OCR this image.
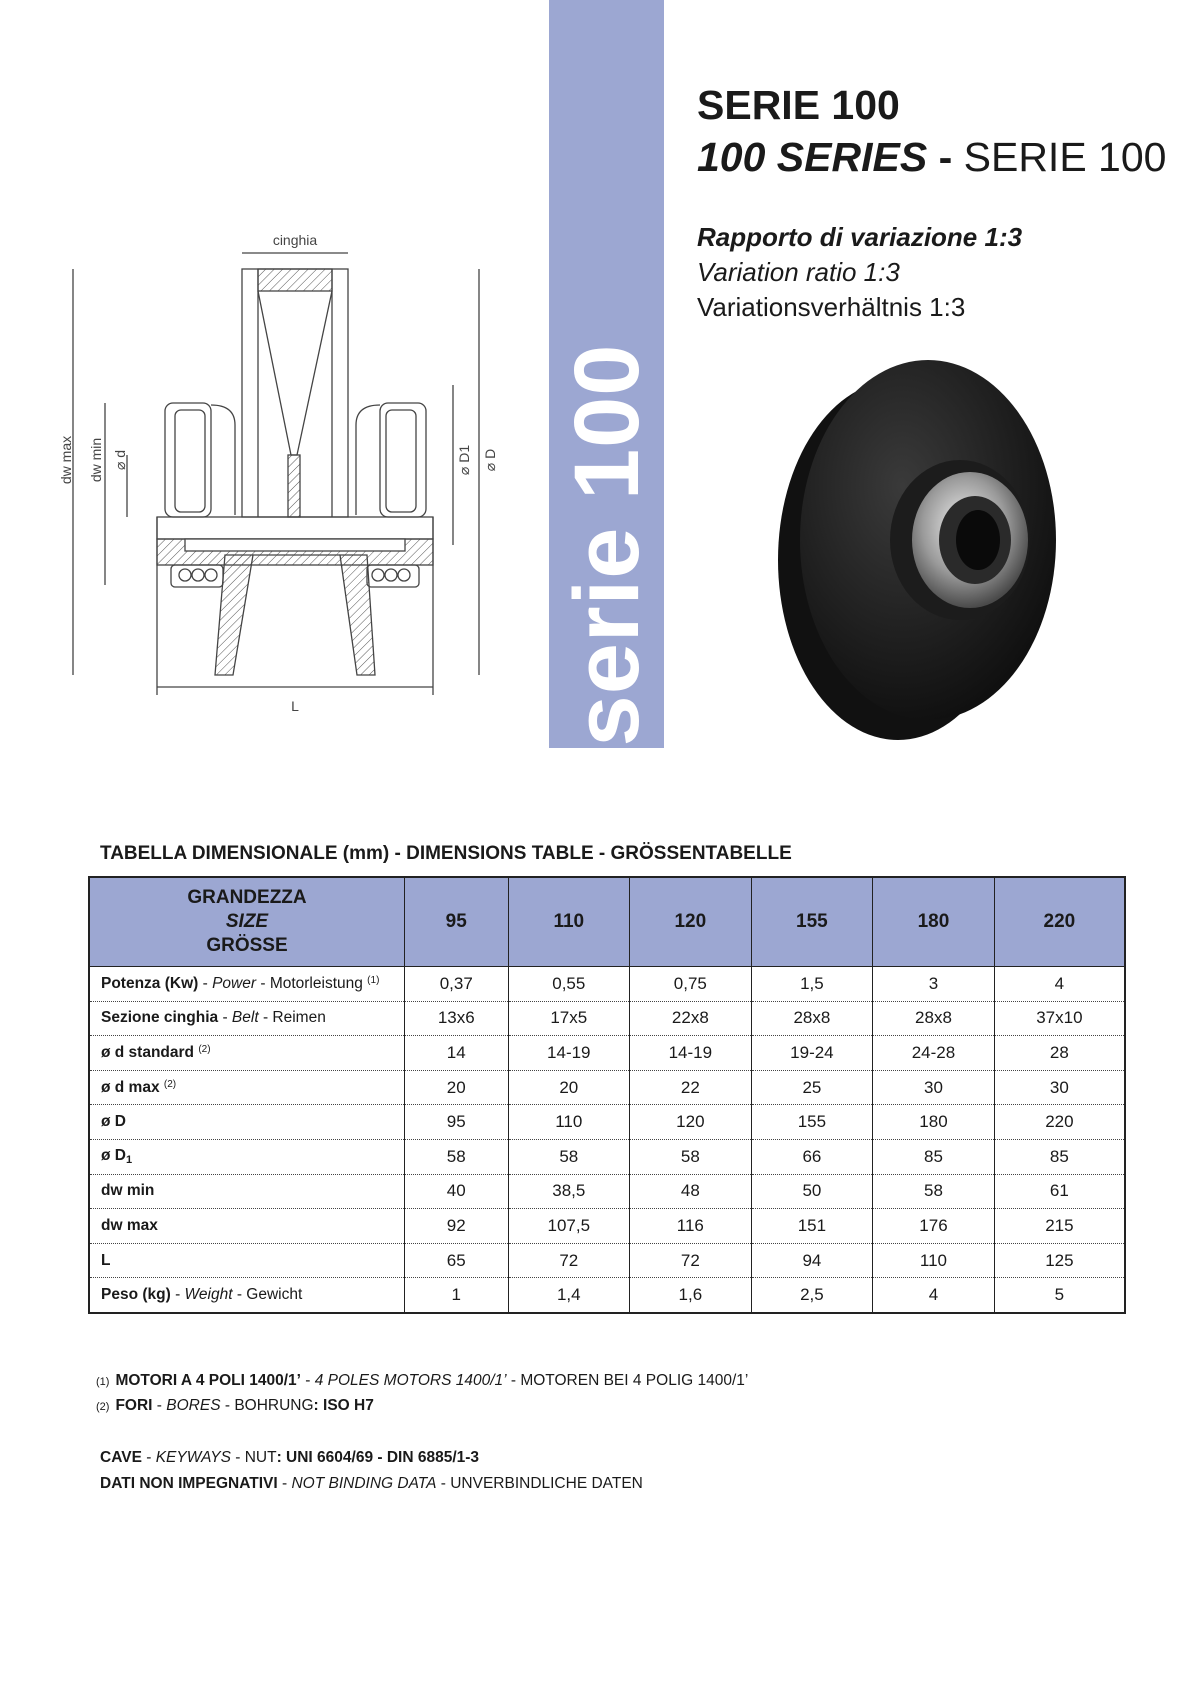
serie 100
SERIE 100
100 SERIES - SERIE 100
Rapporto di variazione 1:3
Variation ratio 1:3
Variationsverhältnis 1:3
cinghia
L
dw max dw min ⌀ d	⌀ D1 ⌀ D
TABELLA DIMENSIONALE (mm) - DIMENSIONS TABLE - GRÖSSENTABELLE
GRANDEZZA
SIZE
GRÖSSE	95	110	120	155	180	220
Potenza (Kw) - Power - Motorleistung $^{(1)}$	0,37	0,55	0,75	1,5	3	4
Sezione cinghia - Belt - Reimen	13x6	17x5	22x8	28x8	28x8	37x10
ø d standard $^{(2)}$	14	14-19	14-19	19-24	24-28	28
ø d max $^{(2)}$	20	20	22	25	30	30
ø D	95	110	120	155	180	220
ø $D_1$	58	58	58	66	85	85
dw min	40	38,5	48	50	58	61
dw max	92	107,5	116	151	176	215
L	65	72	72	94	110	125
Peso (kg) - Weight - Gewicht	1	1,4	1,6	2,5	4	5
(1) MOTORI A 4 POLI 1400/1’ - 4 POLES MOTORS 1400/1’ - MOTOREN BEI 4 POLIG 1400/1’
(2) FORI - BORES - BOHRUNG: ISO H7
CAVE - KEYWAYS - NUT: UNI 6604/69 - DIN 6885/1-3
DATI NON IMPEGNATIVI - NOT BINDING DATA - UNVERBINDLICHE DATEN
